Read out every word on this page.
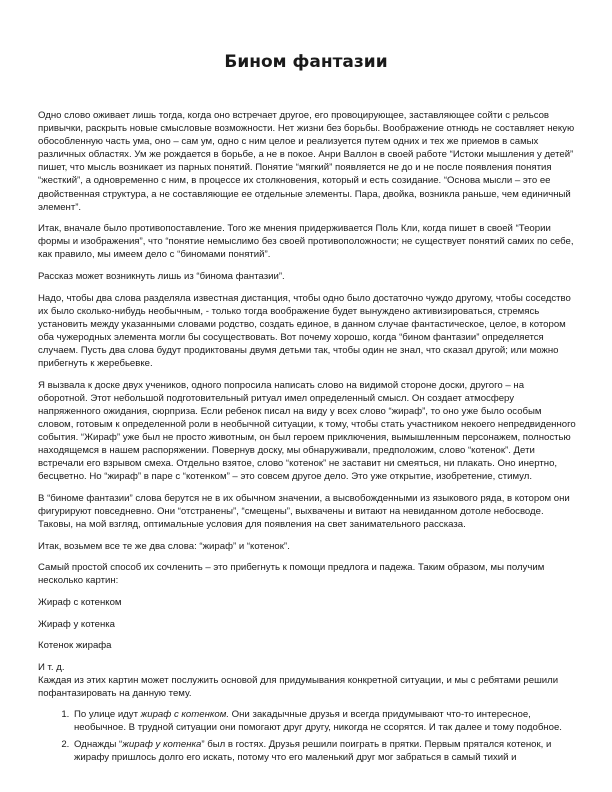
Бином фантазии

Одно слово оживает лишь тогда, когда оно встречает другое, его провоцирующее, заставляющее сойти с рельсов привычки, раскрыть новые смысловые возможности. Нет жизни без борьбы. Воображение отнюдь не составляет некую обособленную часть ума, оно – сам ум, одно с ним целое и реализуется путем одних и тех же приемов в самых различных областях. Ум же рождается в борьбе, а не в покое. Анри Валлон в своей работе “Истоки мышления у детей” пишет, что мысль возникает из парных понятий. Понятие “мягкий” появляется не до и не после появления понятия “жесткий”, а одновременно с ним, в процессе их столкновения, который и есть созидание. “Основа мысли – это ее двойственная структура, а не составляющие ее отдельные элементы. Пара, двойка, возникла раньше, чем единичный элемент”.

Итак, вначале было противопоставление. Того же мнения придерживается Поль Кли, когда пишет в своей “Теории формы и изображения”, что “понятие немыслимо без своей противоположности; не существует понятий самих по себе, как правило, мы имеем дело с “биномами понятий”.

Рассказ может возникнуть лишь из “бинома фантазии”.

Надо, чтобы два слова разделяла известная дистанция, чтобы одно было достаточно чуждо другому, чтобы соседство их было сколько-нибудь необычным, - только тогда воображение будет вынуждено активизироваться, стремясь установить между указанными словами родство, создать единое, в данном случае фантастическое, целое, в котором оба чужеродных элемента могли бы сосуществовать. Вот почему хорошо, когда “бином фантазии” определяется случаем. Пусть два слова будут продиктованы двумя детьми так, чтобы один не знал, что сказал другой; или можно прибегнуть к жеребьевке.

Я вызвала к доске двух учеников, одного попросила написать слово на видимой стороне доски, другого – на оборотной. Этот небольшой подготовительный ритуал имел определенный смысл. Он создает атмосферу напряженного ожидания, сюрприза. Если ребенок писал на виду у всех слово “жираф”, то оно уже было особым словом, готовым к определенной роли в необычной ситуации, к тому, чтобы стать участником некоего непредвиденного события. “Жираф” уже был не просто животным, он был героем приключения, вымышленным персонажем, полностью находящемся в нашем распоряжении. Повернув доску, мы обнаруживали, предположим, слово “котенок”. Дети встречали его взрывом смеха. Отдельно взятое, слово “котенок” не заставит ни смеяться, ни плакать. Оно инертно, бесцветно. Но “жираф” в паре с “котенком” – это совсем другое дело. Это уже открытие, изобретение, стимул.

В “биноме фантазии” слова берутся не в их обычном значении, а высвобожденными из языкового ряда, в котором они фигурируют повседневно. Они “отстранены”, “смещены”, выхвачены и витают на невиданном дотоле небосводе. Таковы, на мой взгляд, оптимальные условия для появления на свет занимательного рассказа.

Итак, возьмем все те же два слова: “жираф” и “котенок”.

Самый простой способ их сочленить – это прибегнуть к помощи предлога и падежа. Таким образом, мы получим несколько картин:

Жираф с котенком

Жираф у котенка

Котенок жирафа

И т. д.

Каждая из этих картин может послужить основой для придумывания конкретной ситуации, и мы с ребятами решили пофантазировать на данную тему.

1. По улице идут жираф с котенком. Они закадычные друзья и всегда придумывают что-то интересное, необычное. В трудной ситуации они помогают друг другу, никогда не ссорятся. И так далее и тому подобное.
2. Однажды “жираф у котенка” был в гостях. Друзья решили поиграть в прятки. Первым прятался котенок, и жирафу пришлось долго его искать, потому что его маленький друг мог забраться в самый тихий и
